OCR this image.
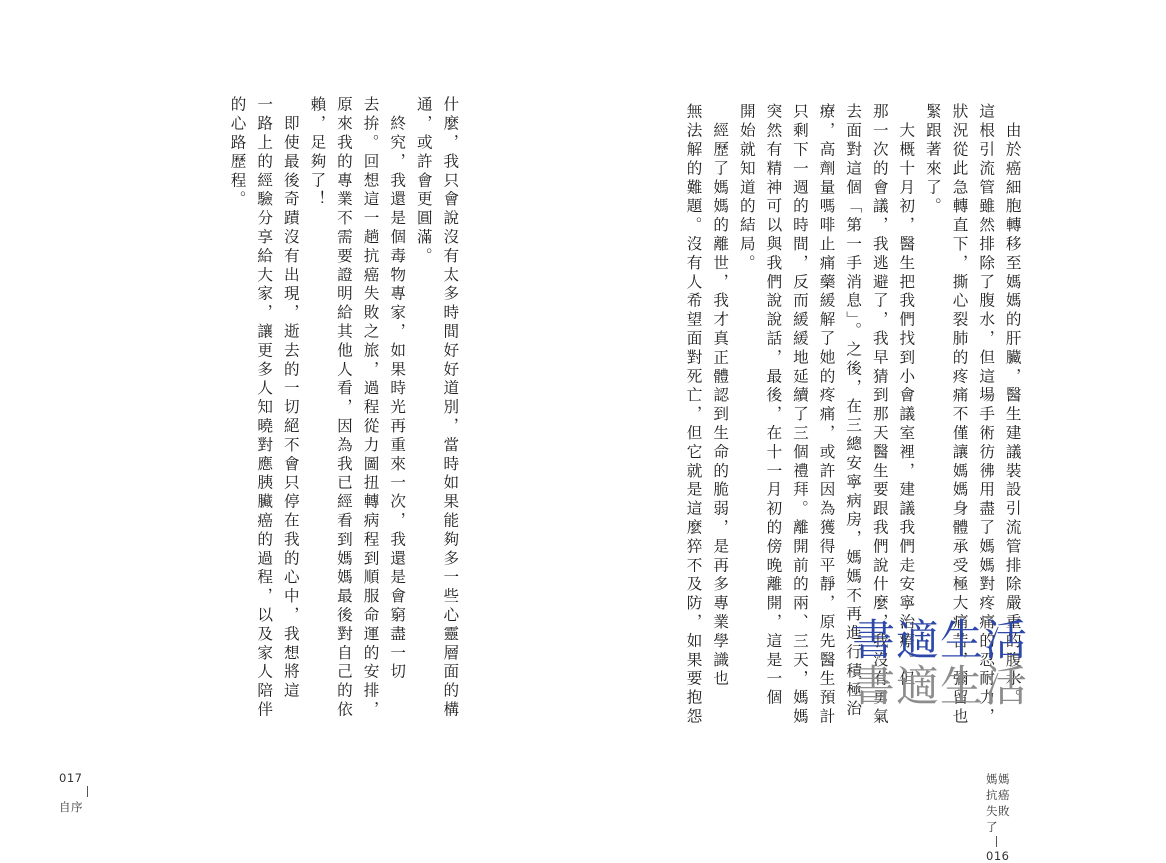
　由於癌細胞轉移至媽媽的肝臟，醫生建議裝設引流管排除嚴重的腹水。
這根引流管雖然排除了腹水，但這場手術彷彿用盡了媽媽對疼痛的忍耐力，
狀況從此急轉直下，撕心裂肺的疼痛不僅讓媽媽身體承受極大痛苦，彌留也
緊跟著來了。
　大概十月初，醫生把我們找到小會議室裡，建議我們走安寧治療。但
那一次的會議，我逃避了，我早猜到那天醫生要跟我們說什麼，我沒有勇氣
去面對這個「第一手消息」。之後，在三總安寧病房，媽媽不再進行積極治
療，高劑量嗎啡止痛藥緩解了她的疼痛，或許因為獲得平靜，原先醫生預計
只剩下一週的時間，反而緩緩地延續了三個禮拜。離開前的兩、三天，媽媽
突然有精神可以與我們說說話，最後，在十一月初的傍晚離開，這是一個
開始就知道的結局。
　經歷了媽媽的離世，我才真正體認到生命的脆弱，是再多專業學識也
無法解的難題。沒有人希望面對死亡，但它就是這麼猝不及防，如果要抱怨
什麼，我只會說沒有太多時間好好道別，當時如果能夠多一些心靈層面的構
通，或許會更圓滿。
　終究，我還是個毒物專家，如果時光再重來一次，我還是會窮盡一切
去拚。回想這一趟抗癌失敗之旅，過程從力圖扭轉病程到順服命運的安排，
原來我的專業不需要證明給其他人看，因為我已經看到媽媽最後對自己的依
賴，足夠了！
　即使最後奇蹟沒有出現，逝去的一切絕不會只停在我的心中，我想將這
一路上的經驗分享給大家，讓更多人知曉對應胰臟癌的過程，以及家人陪伴
的心路歷程。
017自序
媽媽抗癌失敗了016
書適生活
書適生活
